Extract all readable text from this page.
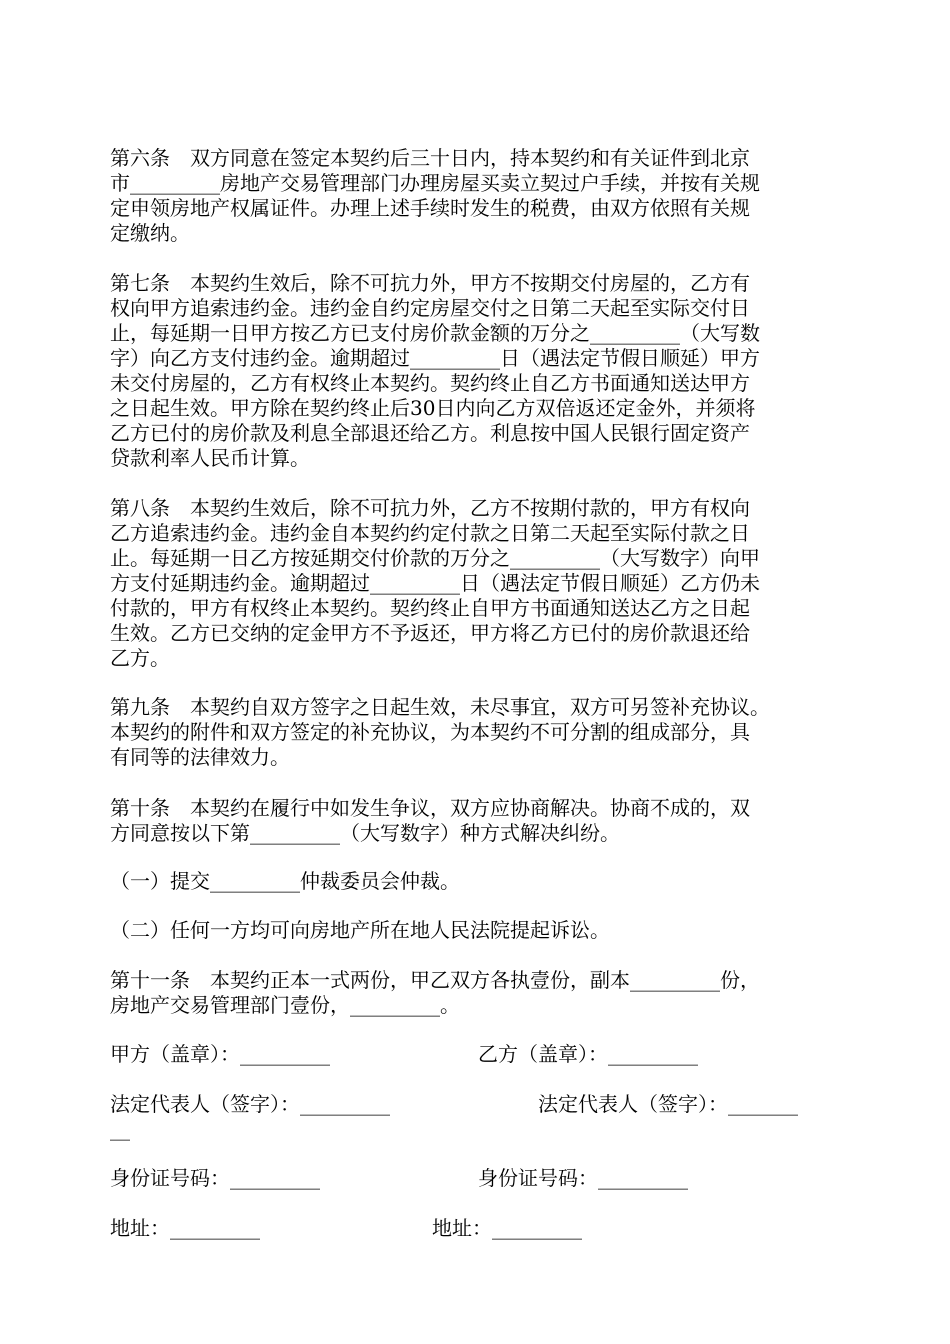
第六条　双方同意在签定本契约后三十日内，持本契约和有关证件到北京
市_________房地产交易管理部门办理房屋买卖立契过户手续，并按有关规
定申领房地产权属证件。办理上述手续时发生的税费，由双方依照有关规
定缴纳。
第七条　本契约生效后，除不可抗力外，甲方不按期交付房屋的，乙方有
权向甲方追索违约金。违约金自约定房屋交付之日第二天起至实际交付日
止，每延期一日甲方按乙方已支付房价款金额的万分之_________（大写数
字）向乙方支付违约金。逾期超过_________日（遇法定节假日顺延）甲方
未交付房屋的，乙方有权终止本契约。契约终止自乙方书面通知送达甲方
之日起生效。甲方除在契约终止后30日内向乙方双倍返还定金外，并须将
乙方已付的房价款及利息全部退还给乙方。利息按中国人民银行固定资产
贷款利率人民币计算。
第八条　本契约生效后，除不可抗力外，乙方不按期付款的，甲方有权向
乙方追索违约金。违约金自本契约约定付款之日第二天起至实际付款之日
止。每延期一日乙方按延期交付价款的万分之_________（大写数字）向甲
方支付延期违约金。逾期超过_________日（遇法定节假日顺延）乙方仍未
付款的，甲方有权终止本契约。契约终止自甲方书面通知送达乙方之日起
生效。乙方已交纳的定金甲方不予返还，甲方将乙方已付的房价款退还给
乙方。
第九条　本契约自双方签字之日起生效，未尽事宜，双方可另签补充协议。
本契约的附件和双方签定的补充协议，为本契约不可分割的组成部分，具
有同等的法律效力。
第十条　本契约在履行中如发生争议，双方应协商解决。协商不成的，双
方同意按以下第_________（大写数字）种方式解决纠纷。
（一）提交_________仲裁委员会仲裁。
（二）任何一方均可向房地产所在地人民法院提起诉讼。
第十一条　本契约正本一式两份，甲乙双方各执壹份，副本_________份，
房地产交易管理部门壹份，_________。
甲方（盖章）：_________	乙方（盖章）：_________
法定代表人（签字）：_________	法定代表人（签字）：_______
__
身份证号码：_________	身份证号码：_________
地址：_________	地址：_________
